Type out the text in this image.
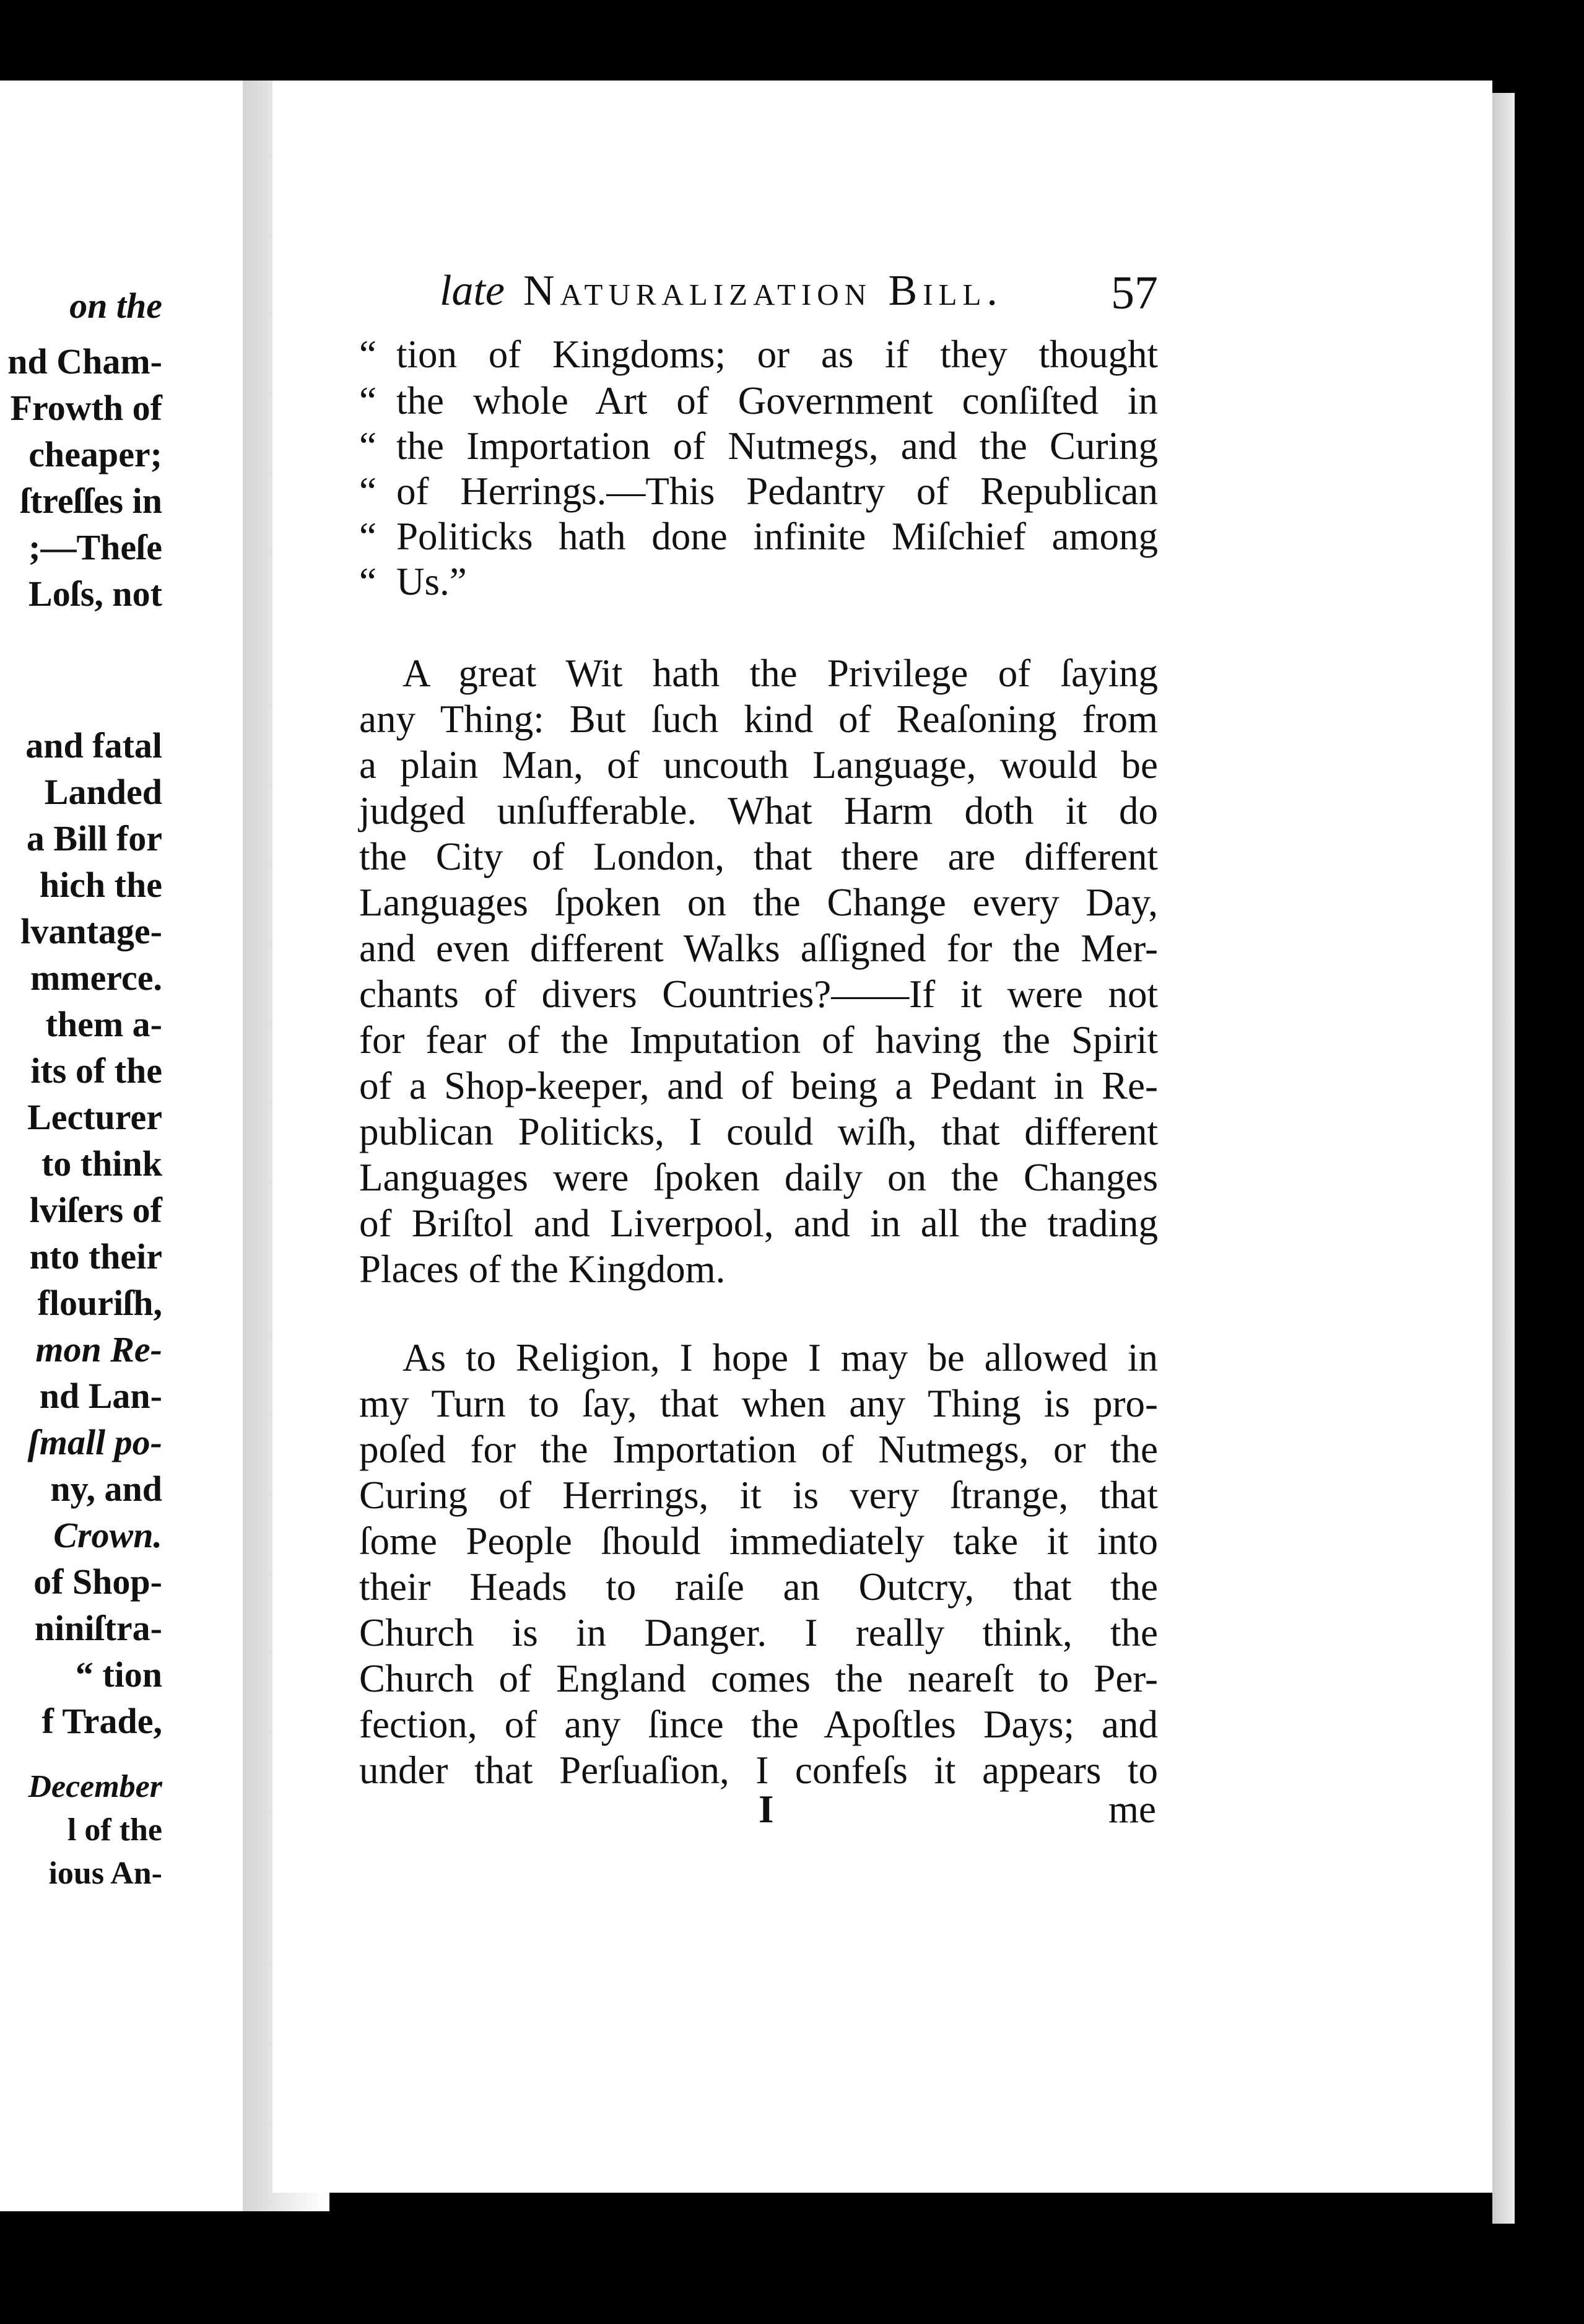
on the
nd Cham-
Frowth of
cheaper;
ſtreſſes in
;—Theſe
Loſs, not
and fatal
Landed
a Bill for
hich the
lvantage-
mmerce.
them a-
its of the
Lecturer
to think
lviſers of
nto their
flouriſh,
mon Re-
nd Lan-
ſmall po-
ny, and
Crown.
of Shop-
niniſtra-
“ tion
f Trade,
December
l of the
ious An-
late Naturalization Bill. 57
“ tion of Kingdoms; or as if they thought
“ the whole Art of Government conſiſted in
“ the Importation of Nutmegs, and the Curing
“ of Herrings.—This Pedantry of Republican
“ Politicks hath done infinite Miſchief among
“ Us.”
A great Wit hath the Privilege of ſaying
any Thing: But ſuch kind of Reaſoning from
a plain Man, of uncouth Language, would be
judged unſufferable. What Harm doth it do
the City of London, that there are different
Languages ſpoken on the Change every Day,
and even different Walks aſſigned for the Mer-
chants of divers Countries?——If it were not
for fear of the Imputation of having the Spirit
of a Shop-keeper, and of being a Pedant in Re-
publican Politicks, I could wiſh, that different
Languages were ſpoken daily on the Changes
of Briſtol and Liverpool, and in all the trading
Places of the Kingdom.
As to Religion, I hope I may be allowed in
my Turn to ſay, that when any Thing is pro-
poſed for the Importation of Nutmegs, or the
Curing of Herrings, it is very ſtrange, that
ſome People ſhould immediately take it into
their Heads to raiſe an Outcry, that the
Church is in Danger. I really think, the
Church of England comes the neareſt to Per-
fection, of any ſince the Apoſtles Days; and
under that Perſuaſion, I confeſs it appears to
I	me
